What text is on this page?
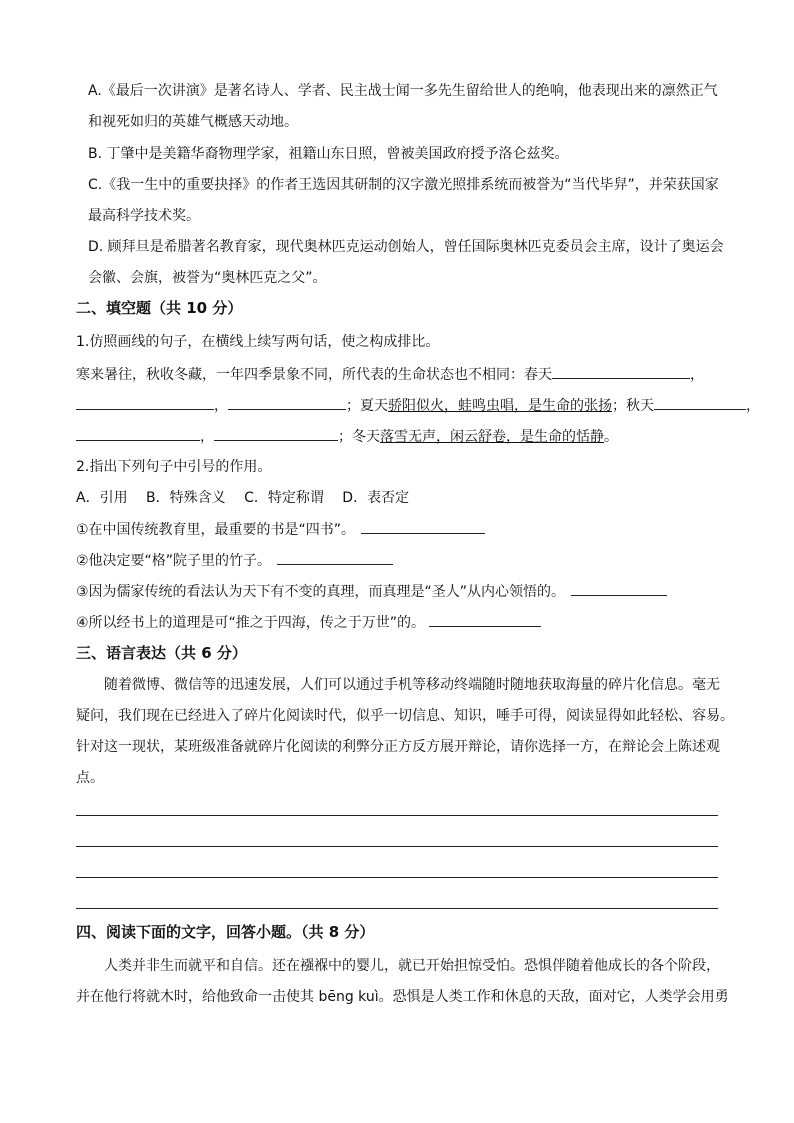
A.《最后一次讲演》是著名诗人、学者、民主战士闻一多先生留给世人的绝响，他表现出来的凛然正气
和视死如归的英雄气概感天动地。
B. 丁肇中是美籍华裔物理学家，祖籍山东日照，曾被美国政府授予洛仑兹奖。
C.《我一生中的重要抉择》的作者王选因其研制的汉字激光照排系统而被誉为“当代毕舁”，并荣获国家
最高科学技术奖。
D. 顾拜旦是希腊著名教育家，现代奥林匹克运动创始人，曾任国际奥林匹克委员会主席，设计了奥运会
会徽、会旗，被誉为“奥林匹克之父”。
二、填空题（共 10 分）
1.仿照画线的句子，在横线上续写两句话，使之构成排比。
寒来暑往，秋收冬藏，一年四季景象不同，所代表的生命状态也不相同：春天	，
，	；夏天骄阳似火，蛙鸣虫唱，是生命的张扬；秋天	，
，	；冬天落雪无声，闲云舒卷，是生命的恬静。
2.指出下列句子中引号的作用。
A．引用　 B．特殊含义　 C．特定称谓　 D．表否定
①在中国传统教育里，最重要的书是“四书”。
②他决定要“格”院子里的竹子。
③因为儒家传统的看法认为天下有不变的真理，而真理是“圣人”从内心领悟的。
④所以经书上的道理是可“推之于四海，传之于万世”的。
三、语言表达（共 6 分）
随着微博、微信等的迅速发展，人们可以通过手机等移动终端随时随地获取海量的碎片化信息。毫无
疑问，我们现在已经进入了碎片化阅读时代，似乎一切信息、知识，唾手可得，阅读显得如此轻松、容易。
针对这一现状，某班级准备就碎片化阅读的利弊分正方反方展开辩论，请你选择一方，在辩论会上陈述观
点。
四、阅读下面的文字，回答小题。（共 8 分）
人类并非生而就平和自信。还在襁褓中的婴儿，就已开始担惊受怕。恐惧伴随着他成长的各个阶段，
并在他行将就木时，给他致命一击使其 bēng kuì。恐惧是人类工作和休息的天敌，面对它，人类学会用勇
